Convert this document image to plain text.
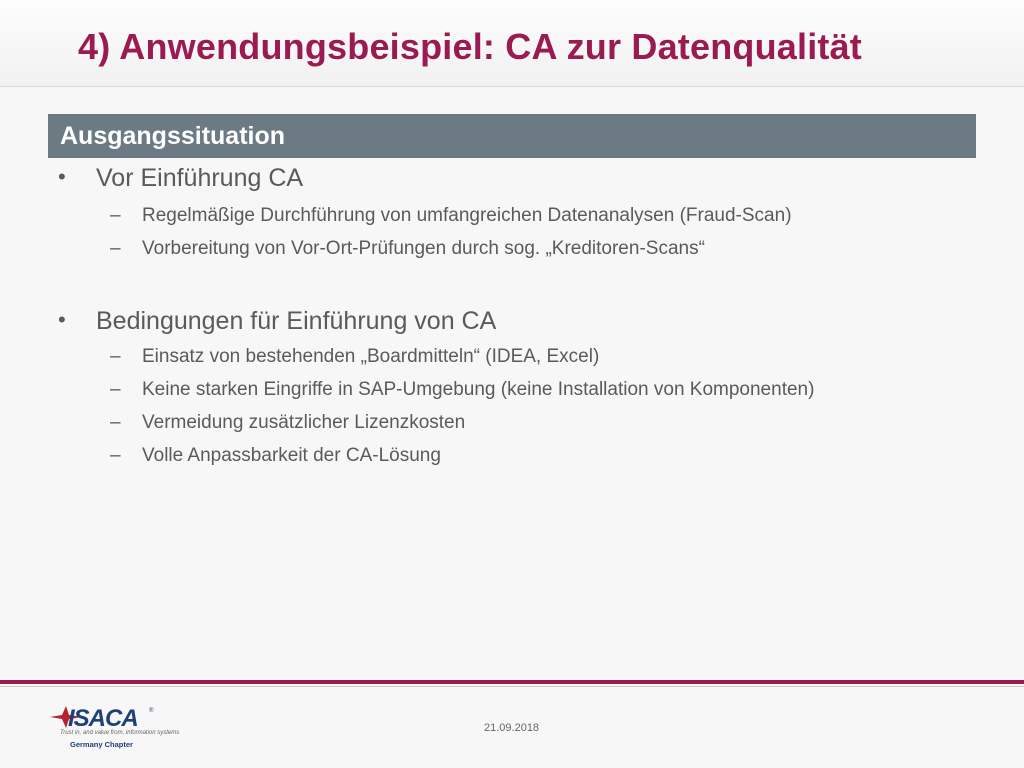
4) Anwendungsbeispiel: CA zur Datenqualität
Ausgangssituation
• Vor Einführung CA
– Regelmäßige Durchführung von umfangreichen Datenanalysen (Fraud-Scan)
– Vorbereitung von Vor-Ort-Prüfungen durch sog. „Kreditoren-Scans“
• Bedingungen für Einführung von CA
– Einsatz von bestehenden „Boardmitteln“ (IDEA, Excel)
– Keine starken Eingriffe in SAP-Umgebung (keine Installation von Komponenten)
– Vermeidung zusätzlicher Lizenzkosten
– Volle Anpassbarkeit der CA-Lösung
ISACA ®
Trust in, and value from, information systems
Germany Chapter
21.09.2018
